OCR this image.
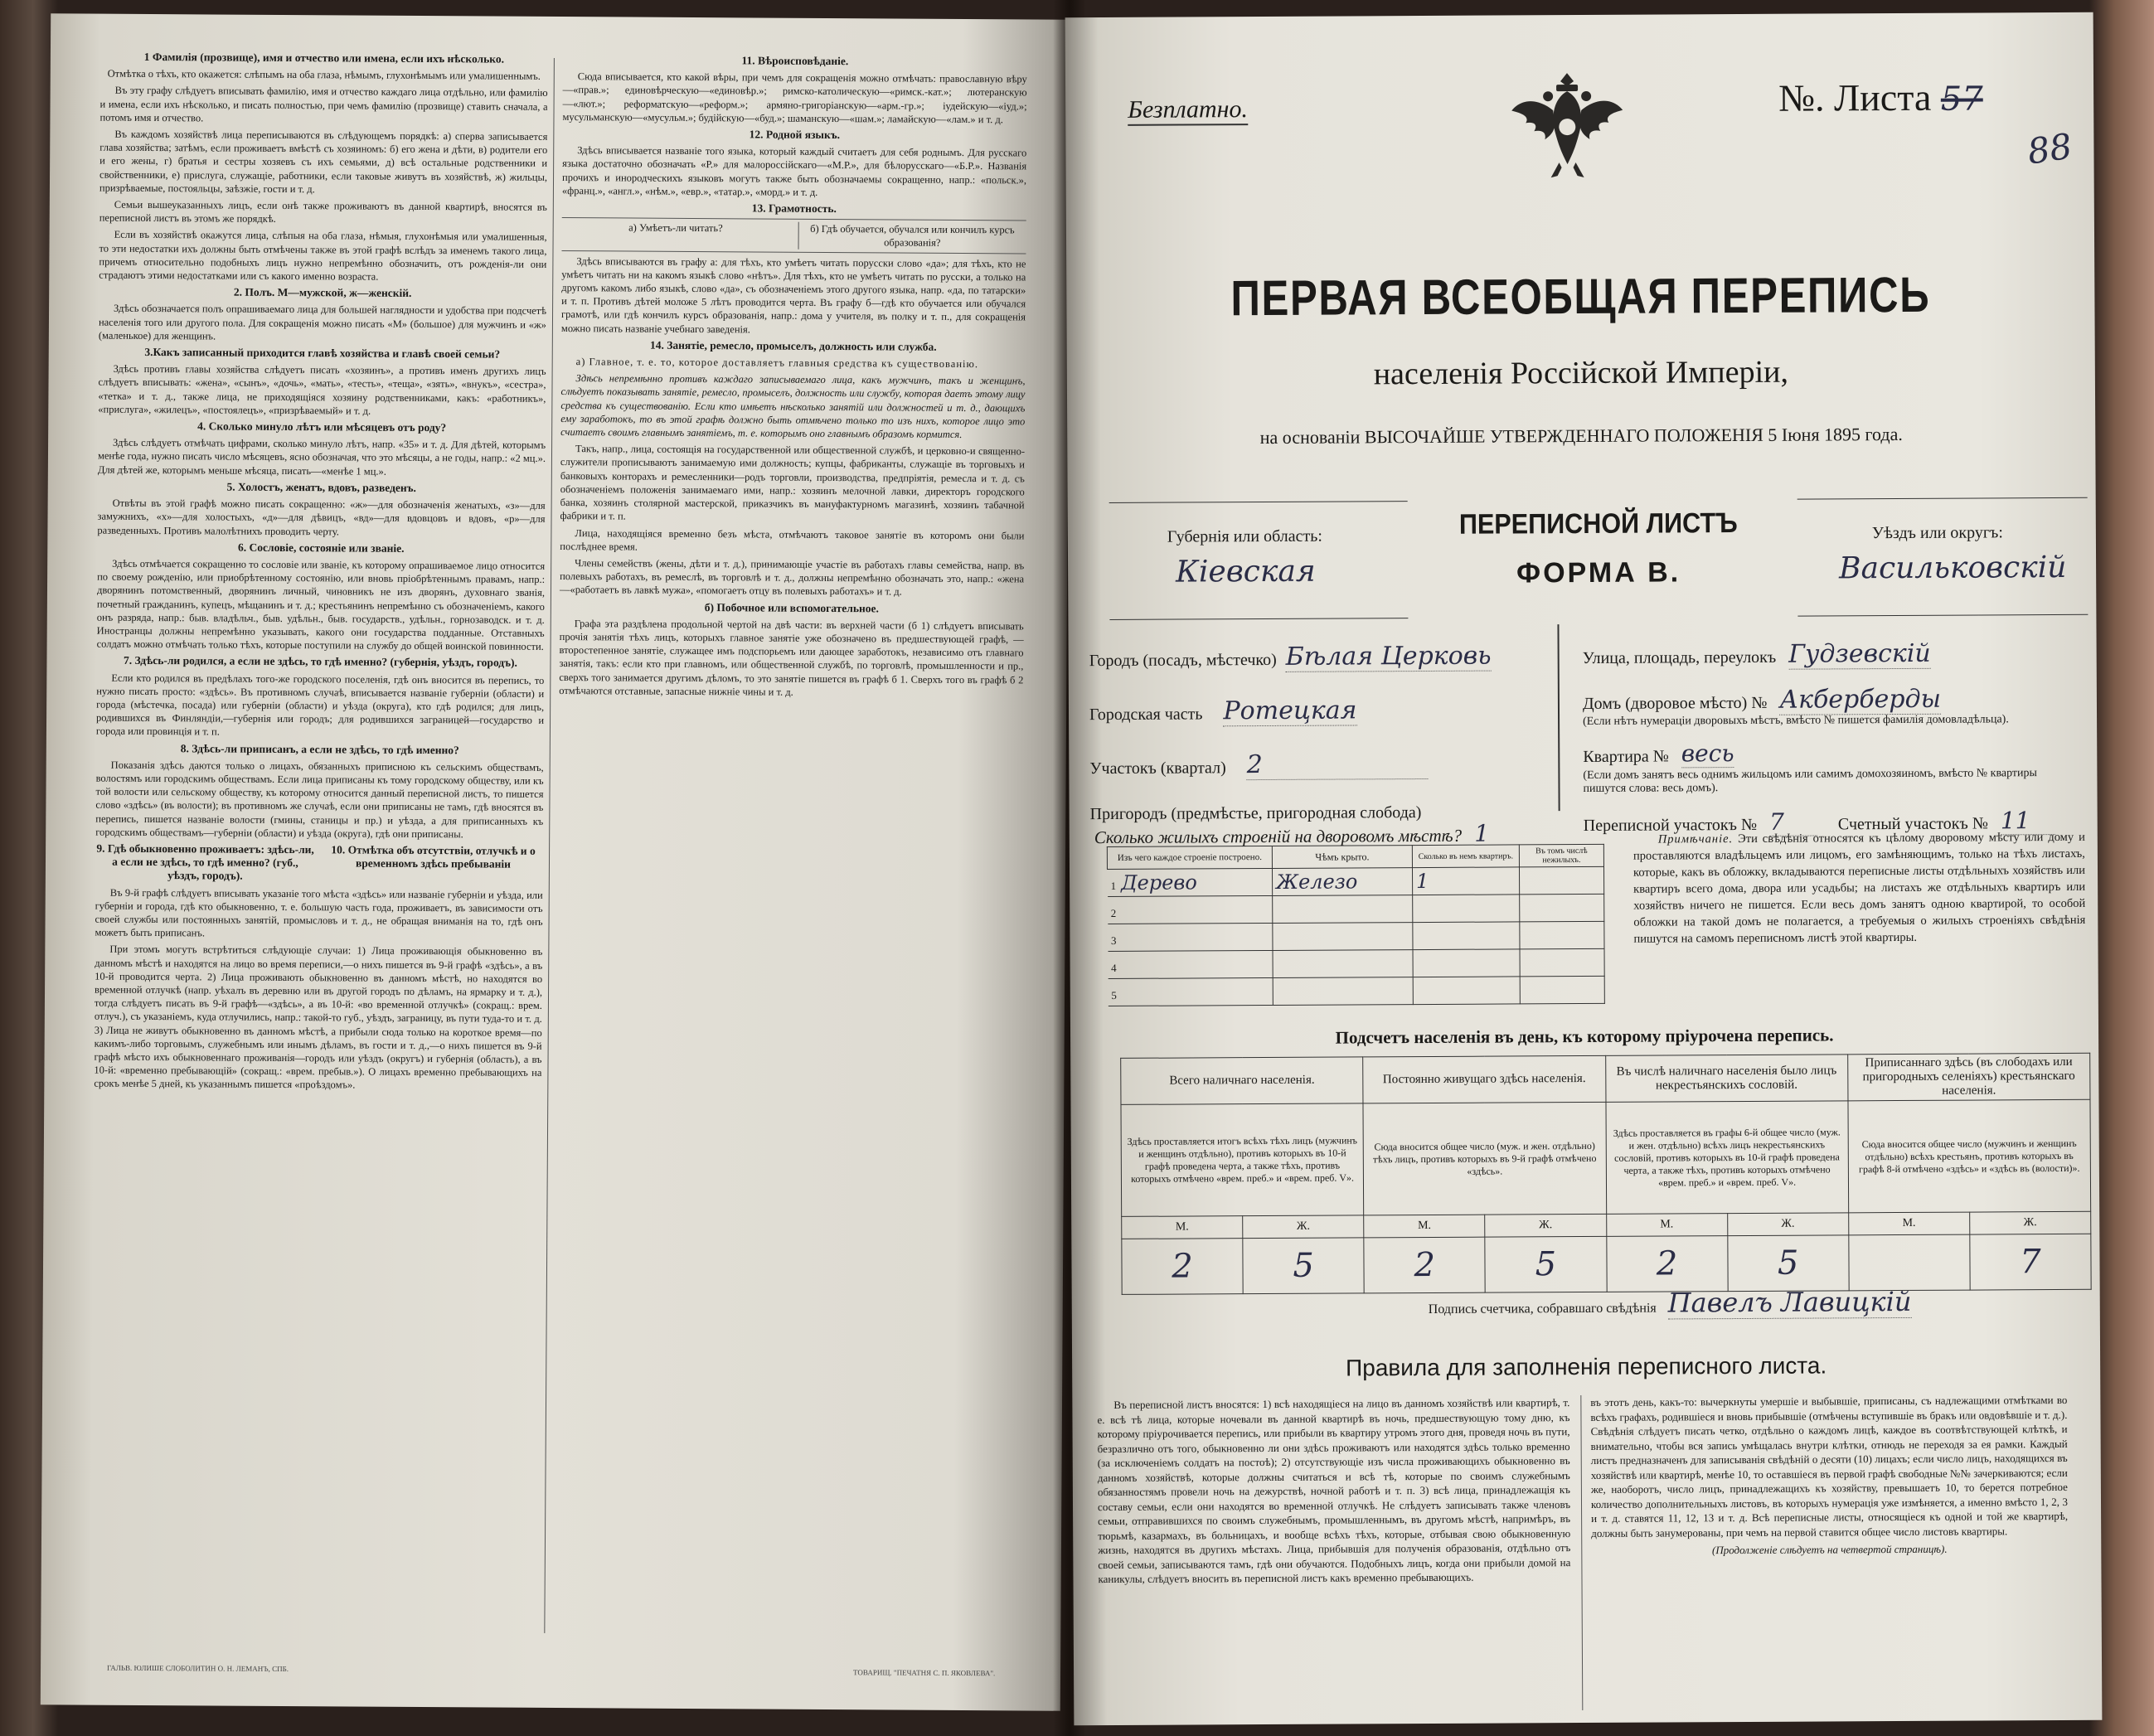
1 Фамилія (прозвище), имя и отчество или имена, если ихъ нѣсколько.

Отмѣтка о тѣхъ, кто окажется: слѣпымъ на оба глаза, нѣмымъ, глухонѣмымъ или умалишеннымъ.

Въ эту графу слѣдуетъ вписывать фамилію, имя и отчество каждаго лица отдѣльно, или фамилію и имена, если ихъ нѣсколько, и писать полностью, при чемъ фамилію (прозвище) ставить сначала, а потомъ имя и отчество.

Въ каждомъ хозяйствѣ лица переписываются въ слѣдующемъ порядкѣ: а) сперва записывается глава хозяйства; затѣмъ, если проживаетъ вмѣстѣ съ хозяиномъ: б) его жена и дѣти, в) родители его и его жены, г) братья и сестры хозяевъ съ ихъ семьями, д) всѣ остальные родственники и свойственники, е) прислуга, служащіе, работники, если таковые живутъ въ хозяйствѣ, ж) жильцы, призрѣваемые, постояльцы, заѣзжіе, гости и т. д.

Семьи вышеуказанныхъ лицъ, если онѣ также проживаютъ въ данной квартирѣ, вносятся въ переписной листъ въ этомъ же порядкѣ.

Если въ хозяйствѣ окажутся лица, слѣпыя на оба глаза, нѣмыя, глухонѣмыя или умалишенныя, то эти недостатки ихъ должны быть отмѣчены также въ этой графѣ вслѣдъ за именемъ такого лица, причемъ относительно подобныхъ лицъ нужно непремѣнно обозначить, отъ рожденія-ли они страдаютъ этими недостатками или съ какого именно возраста.

2. Полъ. М—мужской, ж—женскій.

Здѣсь обозначается полъ опрашиваемаго лица для большей наглядности и удобства при подсчетѣ населенія того или другого пола. Для сокращенія можно писать «М» (большое) для мужчинъ и «ж» (маленькое) для женщинъ.

3.Какъ записанный приходится главѣ хозяйства и главѣ своей семьи?

Здѣсь противъ главы хозяйства слѣдуетъ писать «хозяинъ», а противъ именъ другихъ лицъ слѣдуетъ вписывать: «жена», «сынъ», «дочь», «мать», «тесть», «теща», «зять», «внукъ», «сестра», «тетка» и т. д., также лица, не приходящіяся хозяину родственниками, какъ: «работникъ», «прислуга», «жилецъ», «постоялецъ», «призрѣваемый» и т. д.

4. Сколько минуло лѣтъ или мѣсяцевъ отъ роду?

Здѣсь слѣдуетъ отмѣчать цифрами, сколько минуло лѣтъ, напр. «35» и т. д. Для дѣтей, которымъ менѣе года, нужно писать число мѣсяцевъ, ясно обозначая, что это мѣсяцы, а не годы, напр.: «2 мц.». Для дѣтей же, которымъ меньше мѣсяца, писать—«менѣе 1 мц.».

5. Холостъ, женатъ, вдовъ, разведенъ.

Отвѣты въ этой графѣ можно писать сокращенно: «ж»—для обозначенія женатыхъ, «з»—для замужнихъ, «х»—для холостыхъ, «д»—для дѣвицъ, «вд»—для вдовцовъ и вдовъ, «р»—для разведенныхъ. Противъ малолѣтнихъ проводить черту.

6. Сословіе, состояніе или званіе.

Здѣсь отмѣчается сокращенно то сословіе или званіе, къ которому опрашиваемое лицо относится по своему рожденію, или приобрѣтенному состоянію, или вновь пріобрѣтеннымъ правамъ, напр.: дворянинъ потомственный, дворянинъ личный, чиновникъ не изъ дворянъ, духовнаго званія, почетный гражданинъ, купецъ, мѣщанинъ и т. д.; крестьянинъ непремѣнно съ обозначеніемъ, какого онъ разряда, напр.: быв. владѣльч., быв. удѣльн., быв. государств., удѣльн., горнозаводск. и т. д. Иностранцы должны непремѣнно указывать, какого они государства подданные. Отставныхъ солдатъ можно отмѣчать только тѣхъ, которые поступили на службу до общей воинской повинности.

7. Здѣсь-ли родился, а если не здѣсь, то гдѣ именно? (губернія, уѣздъ, городъ).

Если кто родился въ предѣлахъ того-же городского поселенія, гдѣ онъ вносится въ перепись, то нужно писать просто: «здѣсь». Въ противномъ случаѣ, вписывается названіе губерніи (области) и города (мѣстечка, посада) или губерніи (области) и уѣзда (округа), кто гдѣ родился; для лицъ, родившихся въ Финляндіи,—губернія или городъ; для родившихся заграницей—государство и города или провинція и т. п.

8. Здѣсь-ли приписанъ, а если не здѣсь, то гдѣ именно?

Показанія здѣсь даются только о лицахъ, обязанныхъ приписною къ сельскимъ обществамъ, волостямъ или городскимъ обществамъ. Если лица приписаны къ тому городскому обществу, или къ той волости или сельскому обществу, къ которому относится данный переписной листъ, то пишется слово «здѣсь» (въ волости); въ противномъ же случаѣ, если они приписаны не тамъ, гдѣ вносятся въ перепись, пишется названіе волости (гмины, станицы и пр.) и уѣзда, а для приписанныхъ къ городскимъ обществамъ—губерніи (области) и уѣзда (округа), гдѣ они приписаны.

9. Гдѣ обыкновенно проживаетъ: здѣсь-ли, а если не здѣсь, то гдѣ именно? (губ., уѣздъ, городъ).
10. Отмѣтка объ отсутствіи, отлучкѣ и о временномъ здѣсь пребываніи

Въ 9-й графѣ слѣдуетъ вписывать указаніе того мѣста «здѣсь» или названіе губерніи и уѣзда, или губерніи и города, гдѣ кто обыкновенно, т. е. большую часть года, проживаетъ, въ зависимости отъ своей службы или постоянныхъ занятій, промысловъ и т. д., не обращая вниманія на то, гдѣ онъ можетъ быть приписанъ.

При этомъ могутъ встрѣтиться слѣдующіе случаи: 1) Лица проживающія обыкновенно въ данномъ мѣстѣ и находятся на лицо во время переписи,—о нихъ пишется въ 9-й графѣ «здѣсь», а въ 10-й проводится черта. 2) Лица проживають обыкновенно въ данномъ мѣстѣ, но находятся во временной отлучкѣ (напр. уѣхалъ въ деревню или въ другой городъ по дѣламъ, на ярмарку и т. д.), тогда слѣдуетъ писать въ 9-й графѣ—«здѣсь», а въ 10-й: «во временной отлучкѣ» (сокращ.: врем. отлуч.), съ указаніемъ, куда отлучились, напр.: такой-то губ., уѣздъ, заграницу, въ пути туда-то и т. д. 3) Лица не живутъ обыкновенно въ данномъ мѣстѣ, а прибыли сюда только на короткое время—по какимъ-либо торговымъ, служебнымъ или инымъ дѣламъ, въ гости и т. д.,—о нихъ пишется въ 9-й графѣ мѣсто ихъ обыкновеннаго проживанія—городъ или уѣздъ (округъ) и губернія (область), а въ 10-й: «временно пребывающій» (сокращ.: «врем. пребыв.»). О лицахъ временно пребывающихъ на срокъ менѣе 5 дней, къ указаннымъ пишется «проѣздомъ».

ГАЛЬВ. ЮЛИШЕ СЛОБОЛИТИН О. Н. ЛЕМАНЪ, СПБ.
11. Вѣроисповѣданіе.

Сюда вписывается, кто какой вѣры, при чемъ для сокращенія можно отмѣчать: православную вѣру—«прав.»; единовѣрческую—«единовѣр.»; римско-католическую—«римск.-кат.»; лютеранскую—«лют.»; реформатскую—«реформ.»; армяно-григоріанскую—«арм.-гр.»; іудейскую—«іуд.»; мусульманскую—«мусульм.»; будійскую—«буд.»; шаманскую—«шам.»; ламайскую—«лам.» и т. д.

12. Родной языкъ.

Здѣсь вписывается названіе того языка, который каждый считаетъ для себя роднымъ. Для русскаго языка достаточно обозначать «Р.» для малороссійскаго—«М.Р.», для бѣлорусскаго—«Б.Р.». Названія прочихъ и инородческихъ языковъ могутъ также быть обозначаемы сокращенно, напр.: «польск.», «франц.», «англ.», «нѣм.», «евр.», «татар.», «морд.» и т. д.

13. Грамотность.
а) Умѣетъ-ли читать?	б) Гдѣ обучается, обучался или кончилъ курсъ образованія?

Здѣсь вписываются въ графу а: для тѣхъ, кто умѣетъ читать порусски слово «да»; для тѣхъ, кто не умѣетъ читать ни на какомъ языкѣ слово «нѣтъ». Для тѣхъ, кто не умѣетъ читать по русски, а только на другомъ какомъ либо языкѣ, слово «да», съ обозначеніемъ этого другого языка, напр. «да, по татарски» и т. п. Противъ дѣтей моложе 5 лѣтъ проводится черта. Въ графу б—гдѣ кто обучается или обучался грамотѣ, или гдѣ кончилъ курсъ образованія, напр.: дома у учителя, въ полку и т. п., для сокращенія можно писать названіе учебнаго заведенія.

14. Занятіе, ремесло, промыселъ, должность или служба.

а) Главное, т. е. то, которое доставляетъ главныя средства къ существованію.

Здѣсь непремѣнно противъ каждаго записываемаго лица, какъ мужчинъ, такъ и женщинъ, слѣдуетъ показывать занятіе, ремесло, промыселъ, должность или службу, которая даетъ этому лицу средства къ существованію. Если кто имѣетъ нѣсколько занятій или должностей и т. д., дающихъ ему заработокъ, то въ этой графѣ должно быть отмѣчено только то изъ нихъ, которое лицо это считаетъ своимъ главнымъ занятіемъ, т. е. которымъ оно главнымъ образомъ кормится.

Такъ, напр., лица, состоящія на государственной или общественной службѣ, и церковно-и священно-служители прописываютъ занимаемую ими должность; купцы, фабриканты, служащіе въ торговыхъ и банковыхъ конторахъ и ремесленники—родъ торговли, производства, предпріятія, ремесла и т. д. съ обозначеніемъ положенія занимаемаго ими, напр.: хозяинъ мелочной лавки, директоръ городского банка, хозяинъ столярной мастерской, приказчикъ въ мануфактурномъ магазинѣ, хозяинъ табачной фабрики и т. п.

Лица, находящіяся временно безъ мѣста, отмѣчаютъ таковое занятіе въ которомъ они были послѣднее время.

Члены семействъ (жены, дѣти и т. д.), принимающіе участіе въ работахъ главы семейства, напр. въ полевыхъ работахъ, въ ремеслѣ, въ торговлѣ и т. д., должны непремѣнно обозначать это, напр.: «жена—«работаетъ въ лавкѣ мужа», «помогаетъ отцу въ полевыхъ работахъ» и т. д.

б) Побочное или вспомогательное.

Графа эта раздѣлена продольной чертой на двѣ части: въ верхней части (б 1) слѣдуетъ вписывать прочія занятія тѣхъ лицъ, которыхъ главное занятіе уже обозначено въ предшествующей графѣ, —второстепенное занятіе, служащее имъ подспорьемъ или дающее заработокъ, независимо отъ главнаго занятія, такъ: если кто при главномъ, или общественной службѣ, по торговлѣ, промышленности и пр., сверхъ того занимается другимъ дѣломъ, то это занятіе пишется въ графѣ б 1. Сверхъ того въ графѣ б 2 отмѣчаются отставные, запасные нижніе чины и т. д.

ТОВАРИЩ. "ПЕЧАТНЯ С. П. ЯКОВЛЕВА".
Безплатно.	№. Листа 57
88
ПЕРВАЯ ВСЕОБЩАЯ ПЕРЕПИСЬ
населенія Россійской Имперіи,
на основаніи ВЫСОЧАЙШЕ УТВЕРЖДЕННАГО ПОЛОЖЕНІЯ 5 Іюня 1895 года.
Губернія или область:
Кіевская
ПЕРЕПИСНОЙ ЛИСТЪ
ФОРМА В.
Уѣздъ или округъ:
Васильковскій
Городъ (посадъ, мѣстечко) Бѣлая Церковь
Городская часть Ротецкая
Участокъ (квартал) 2
Пригородъ (предмѣстье, пригородная слобода)
Улица, площадь, переулокъ Гудзевскій
Домъ (дворовое мѣсто) № Акберберды
(Если нѣтъ нумераціи дворовыхъ мѣстъ, вмѣсто № пишется фамилія домовладѣльца).
Квартира № весь
(Если домъ занятъ весь однимъ жильцомъ или самимъ домохозяиномъ, вмѣсто № квартиры пишутся слова: весь домъ).
Переписной участокъ № 7	Счетный участокъ № 11
Сколько жилыхъ строеній на дворовомъ мѣстѣ? 1
Изъ чего каждое строеніе построено.	Чѣмъ крыто.	Сколько въ немъ квартиръ.	Въ томъ числѣ нежилыхъ.
1 Дерево	Железо	1	
2			
3			
4			
5			
Примѣчаніе. Эти свѣдѣнія относятся къ цѣлому дворовому мѣсту или дому и проставляются владѣльцемъ или лицомъ, его замѣняющимъ, только на тѣхъ листахъ, которые, какъ въ обложку, вкладываются переписные листы отдѣльныхъ хозяйствъ или квартиръ всего дома, двора или усадьбы; на листахъ же отдѣльныхъ квартиръ или хозяйствъ ничего не пишется. Если весь домъ занятъ одною квартирой, то особой обложки на такой домъ не полагается, а требуемыя о жилыхъ строеніяхъ свѣдѣнія пишутся на самомъ переписномъ листѣ этой квартиры.
Подсчетъ населенія въ день, къ которому пріурочена перепись.
Всего наличнаго населенія.		Постоянно живущаго здѣсь населенія.		Въ числѣ наличнаго населенія было лицъ некрестьянскихъ сословій.		Приписаннаго здѣсь (въ слободахъ или пригородныхъ селеніяхъ) крестьянскаго населенія.	
Здѣсь проставляется итогъ всѣхъ тѣхъ лицъ (мужчинъ и женщинъ отдѣльно), противъ которыхъ въ 10-й графѣ проведена черта, а также тѣхъ, противъ которыхъ отмѣчено «врем. преб.» и «врем. преб. V».		Сюда вносится общее число (муж. и жен. отдѣльно) тѣхъ лицъ, противъ которыхъ въ 9-й графѣ отмѣчено «здѣсь».		Здѣсь проставляется въ графы 6-й общее число (муж. и жен. отдѣльно) всѣхъ лицъ некрестьянскихъ сословій, противъ которыхъ въ 10-й графѣ проведена черта, а также тѣхъ, противъ которыхъ отмѣчено «врем. преб.» и «врем. преб. V».		Сюда вносится общее число (мужчинъ и женщинъ отдѣльно) всѣхъ крестьянъ, противъ которыхъ въ графѣ 8-й отмѣчено «здѣсь» и «здѣсь въ (волости)».	
М.	Ж.	М.	Ж.	М.	Ж.	М.	Ж.
2	5	2	5	2	5		7
Подпись счетчика, собравшаго свѣдѣнія Павелъ Лавицкій
Правила для заполненія переписного листа.
Въ переписной листъ вносятся: 1) всѣ находящіеся на лицо въ данномъ хозяйствѣ или квартирѣ, т. е. всѣ тѣ лица, которые ночевали въ данной квартирѣ въ ночь, предшествующую тому дню, къ которому пріурочивается перепись, или прибыли въ квартиру утромъ этого дня, проведя ночь въ пути, безразлично отъ того, обыкновенно ли они здѣсь проживаютъ или находятся здѣсь только временно (за исключеніемъ солдатъ на постоѣ); 2) отсутствующіе изъ числа проживающихъ обыкновенно въ данномъ хозяйствѣ, которые должны считаться и всѣ тѣ, которые по своимъ служебнымъ обязанностямъ провели ночь на дежурствѣ, ночной работѣ и т. п. 3) всѣ лица, принадлежащія къ составу семьи, если они находятся во временной отлучкѣ. Не слѣдуетъ записывать также членовъ семьи, отправившихся по своимъ служебнымъ, промышленнымъ, въ другомъ мѣстѣ, напримѣръ, въ тюрьмѣ, казармахъ, въ больницахъ, и вообще всѣхъ тѣхъ, которые, отбывая свою обыкновенную жизнь, находятся въ другихъ мѣстахъ. Лица, прибывшія для полученія образованія, отдѣльно отъ своей семьи, записываются тамъ, гдѣ они обучаются. Подобныхъ лицъ, когда они прибыли домой на каникулы, слѣдуетъ вносить въ переписной листъ какъ временно пребывающихъ.
въ этотъ день, какъ-то: вычеркнуты умершіе и выбывшіе, приписаны, съ надлежащими отмѣтками во всѣхъ графахъ, родившіеся и вновь прибывшіе (отмѣчены вступившіе въ бракъ или овдовѣвшіе и т. д.). Свѣдѣнія слѣдуетъ писать четко, отдѣльно о каждомъ лицѣ, каждое въ соотвѣтствующей клѣткѣ, и внимательно, чтобы вся запись умѣщалась внутри клѣтки, отнюдь не переходя за ея рамки. Каждый листъ предназначенъ для записыванія свѣдѣній о десяти (10) лицахъ; если число лицъ, находящихся въ хозяйствѣ или квартирѣ, менѣе 10, то оставшіеся въ первой графѣ свободные №№ зачеркиваются; если же, наоборотъ, число лицъ, принадлежащихъ къ хозяйству, превышаетъ 10, то берется потребное количество дополнительныхъ листовъ, въ которыхъ нумерація уже измѣняется, а именно вмѣсто 1, 2, 3 и т. д. ставятся 11, 12, 13 и т. д. Всѣ переписные листы, относящіеся къ одной и той же квартирѣ, должны быть занумерованы, при чемъ на первой ставится общее число листовъ квартиры.
(Продолженіе слѣдуетъ на четвертой страницѣ).
